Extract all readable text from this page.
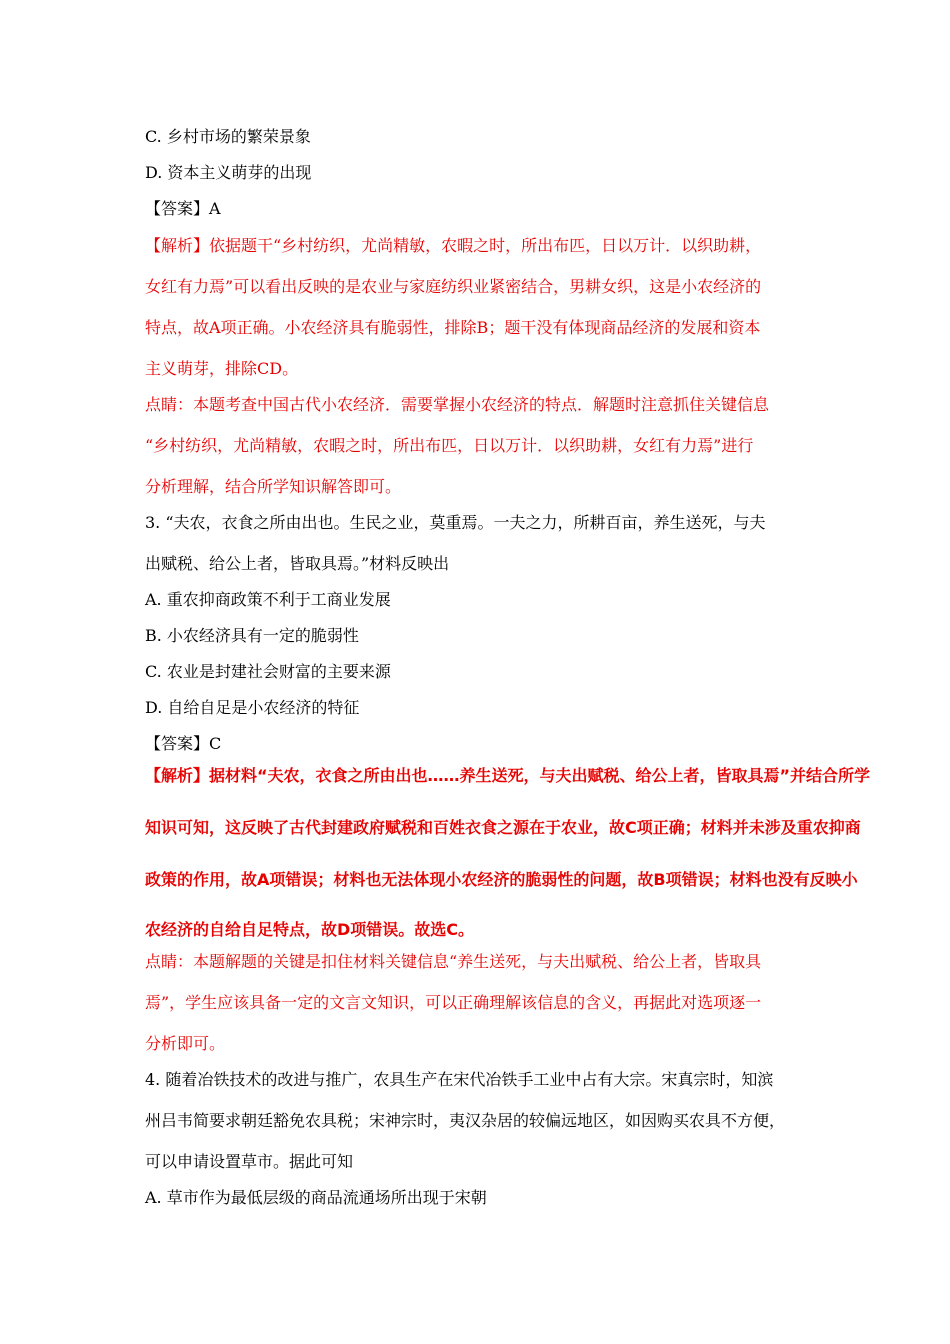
C. 乡村市场的繁荣景象
D. 资本主义萌芽的出现
【答案】A
【解析】依据题干“乡村纺织，尤尚精敏，农暇之时，所出布匹，日以万计．以织助耕，
女红有力焉”可以看出反映的是农业与家庭纺织业紧密结合，男耕女织，这是小农经济的
特点，故A项正确。小农经济具有脆弱性，排除B；题干没有体现商品经济的发展和资本
主义萌芽，排除CD。
点睛：本题考查中国古代小农经济．需要掌握小农经济的特点．解题时注意抓住关键信息
“乡村纺织，尤尚精敏，农暇之时，所出布匹，日以万计．以织助耕，女红有力焉”进行
分析理解，结合所学知识解答即可。
3. “夫农，衣食之所由出也。生民之业，莫重焉。一夫之力，所耕百亩，养生送死，与夫
出赋税、给公上者，皆取具焉。”材料反映出
A. 重农抑商政策不利于工商业发展
B. 小农经济具有一定的脆弱性
C. 农业是封建社会财富的主要来源
D. 自给自足是小农经济的特征
【答案】C
【解析】据材料“夫农，衣食之所由出也……养生送死，与夫出赋税、给公上者，皆取具焉”并结合所学
知识可知，这反映了古代封建政府赋税和百姓衣食之源在于农业，故C项正确；材料并未涉及重农抑商
政策的作用，故A项错误；材料也无法体现小农经济的脆弱性的问题，故B项错误；材料也没有反映小
农经济的自给自足特点，故D项错误。故选C。
点睛：本题解题的关键是扣住材料关键信息“养生送死，与夫出赋税、给公上者，皆取具
焉”，学生应该具备一定的文言文知识，可以正确理解该信息的含义，再据此对选项逐一
分析即可。
4. 随着冶铁技术的改进与推广，农具生产在宋代冶铁手工业中占有大宗。宋真宗时，知滨
州吕韦简要求朝廷豁免农具税；宋神宗时，夷汉杂居的较偏远地区，如因购买农具不方便，
可以申请设置草市。据此可知
A. 草市作为最低层级的商品流通场所出现于宋朝
